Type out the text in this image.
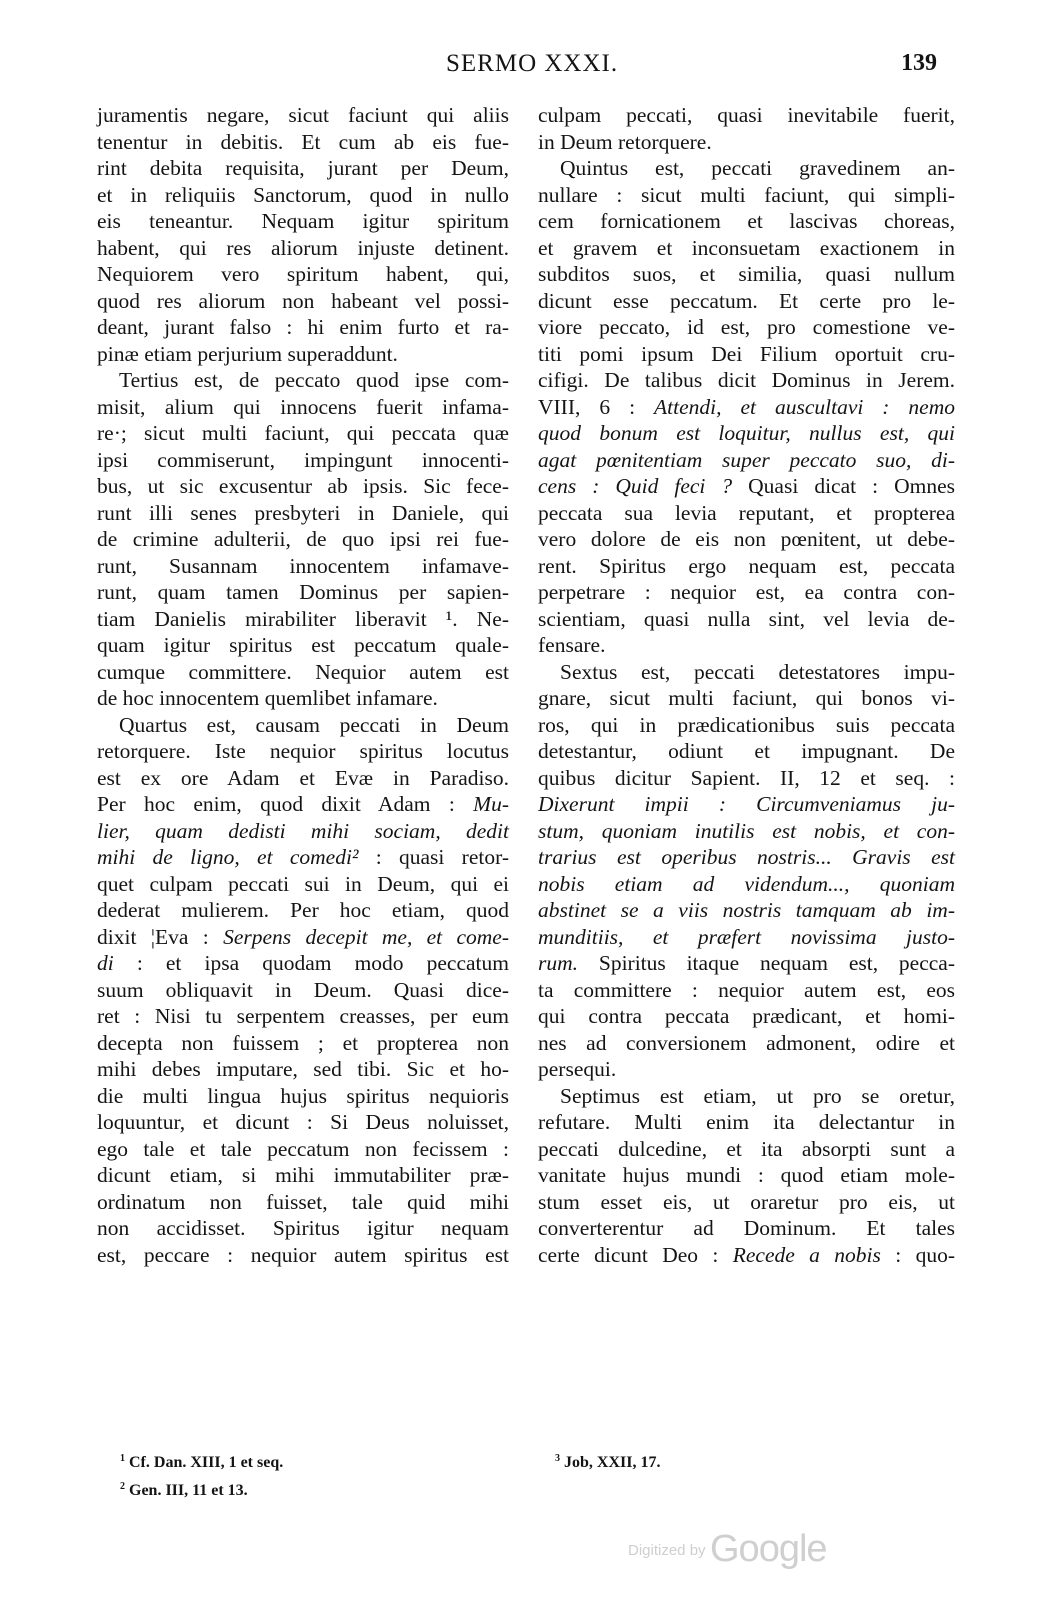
SERMO XXXI.	139
juramentis negare, sicut faciunt qui aliis
tenentur in debitis. Et cum ab eis fue-
rint debita requisita, jurant per Deum,
et in reliquiis Sanctorum, quod in nullo
eis teneantur. Nequam igitur spiritum
habent, qui res aliorum injuste detinent.
Nequiorem vero spiritum habent, qui,
quod res aliorum non habeant vel possi-
deant, jurant falso : hi enim furto et ra-
pinæ etiam perjurium superaddunt.
Tertius est, de peccato quod ipse com-
misit, alium qui innocens fuerit infama-
re·; sicut multi faciunt, qui peccata quæ
ipsi commiserunt, impingunt innocenti-
bus, ut sic excusentur ab ipsis. Sic fece-
runt illi senes presbyteri in Daniele, qui
de crimine adulterii, de quo ipsi rei fue-
runt, Susannam innocentem infamave-
runt, quam tamen Dominus per sapien-
tiam Danielis mirabiliter liberavit ¹. Ne-
quam igitur spiritus est peccatum quale-
cumque committere. Nequior autem est
de hoc innocentem quemlibet infamare.
Quartus est, causam peccati in Deum
retorquere. Iste nequior spiritus locutus
est ex ore Adam et Evæ in Paradiso.
Per hoc enim, quod dixit Adam : Mu-
lier, quam dedisti mihi sociam, dedit
mihi de ligno, et comedi² : quasi retor-
quet culpam peccati sui in Deum, qui ei
dederat mulierem. Per hoc etiam, quod
dixit ¦Eva : Serpens decepit me, et come-
di : et ipsa quodam modo peccatum
suum obliquavit in Deum. Quasi dice-
ret : Nisi tu serpentem creasses, per eum
decepta non fuissem ; et propterea non
mihi debes imputare, sed tibi. Sic et ho-
die multi lingua hujus spiritus nequioris
loquuntur, et dicunt : Si Deus noluisset,
ego tale et tale peccatum non fecissem :
dicunt etiam, si mihi immutabiliter præ-
ordinatum non fuisset, tale quid mihi
non accidisset. Spiritus igitur nequam
est, peccare : nequior autem spiritus est
culpam peccati, quasi inevitabile fuerit,
in Deum retorquere.
Quintus est, peccati gravedinem an-
nullare : sicut multi faciunt, qui simpli-
cem fornicationem et lascivas choreas,
et gravem et inconsuetam exactionem in
subditos suos, et similia, quasi nullum
dicunt esse peccatum. Et certe pro le-
viore peccato, id est, pro comestione ve-
titi pomi ipsum Dei Filium oportuit cru-
cifigi. De talibus dicit Dominus in Jerem.
VIII, 6 : Attendi, et auscultavi : nemo
quod bonum est loquitur, nullus est, qui
agat pœnitentiam super peccato suo, di-
cens : Quid feci ? Quasi dicat : Omnes
peccata sua levia reputant, et propterea
vero dolore de eis non pœnitent, ut debe-
rent. Spiritus ergo nequam est, peccata
perpetrare : nequior est, ea contra con-
scientiam, quasi nulla sint, vel levia de-
fensare.
Sextus est, peccati detestatores impu-
gnare, sicut multi faciunt, qui bonos vi-
ros, qui in prædicationibus suis peccata
detestantur, odiunt et impugnant. De
quibus dicitur Sapient. II, 12 et seq. :
Dixerunt impii : Circumveniamus ju-
stum, quoniam inutilis est nobis, et con-
trarius est operibus nostris... Gravis est
nobis etiam ad videndum..., quoniam
abstinet se a viis nostris tamquam ab im-
munditiis, et præfert novissima justo-
rum. Spiritus itaque nequam est, pecca-
ta committere : nequior autem est, eos
qui contra peccata prædicant, et homi-
nes ad conversionem admonent, odire et
persequi.
Septimus est etiam, ut pro se oretur,
refutare. Multi enim ita delectantur in
peccati dulcedine, et ita absorpti sunt a
vanitate hujus mundi : quod etiam mole-
stum esset eis, ut oraretur pro eis, ut
converterentur ad Dominum. Et tales
certe dicunt Deo : Recede a nobis : quo-
$^1$ Cf. Dan. XIII, 1 et seq.
$^2$ Gen. III, 11 et 13.
$^3$ Job, XXII, 17.
Digitized by Google
